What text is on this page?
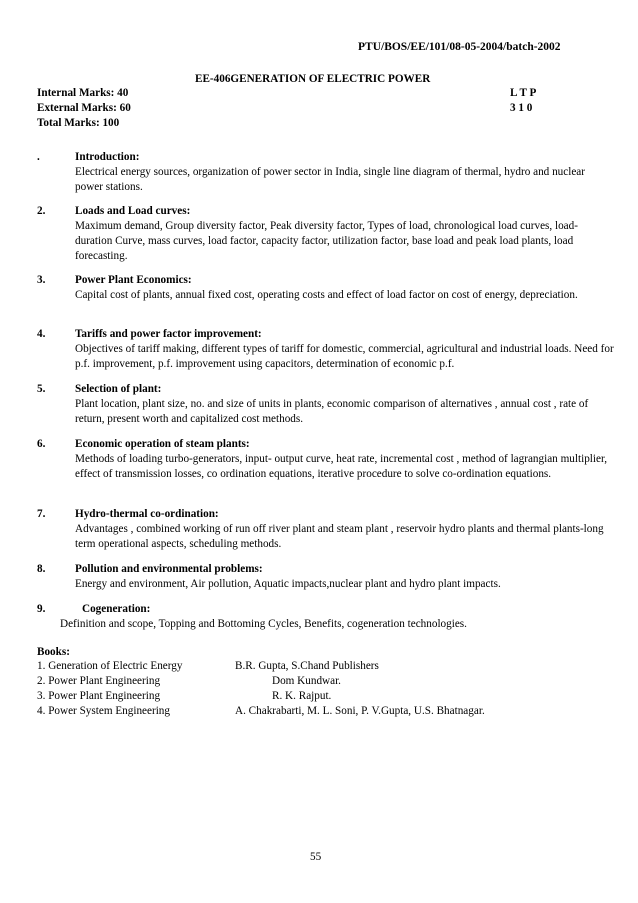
PTU/BOS/EE/101/08-05-2004/batch-2002
EE-406GENERATION OF ELECTRIC POWER
Internal Marks: 40
External Marks: 60
Total Marks: 100
L T P
3 1 0
.	Introduction:
Electrical energy sources, organization of power sector in India, single line diagram of thermal, hydro and nuclear power stations.
2.	Loads and Load curves:
Maximum demand, Group diversity factor, Peak diversity factor, Types of load, chronological load curves, load-duration Curve, mass curves, load factor, capacity factor, utilization factor, base load and peak load plants, load forecasting.
3.	Power Plant Economics:
Capital cost of plants, annual fixed cost, operating costs and effect of load factor on cost of energy, depreciation.
4.	Tariffs and power factor improvement:
Objectives of tariff making, different types of tariff for domestic, commercial, agricultural and industrial loads. Need for p.f. improvement, p.f. improvement using capacitors, determination of economic p.f.
5.	Selection of plant:
Plant location, plant size, no. and size of units in plants, economic comparison of alternatives , annual cost , rate of return, present worth and capitalized cost methods.
6.	Economic operation of steam plants:
Methods of loading turbo-generators, input- output curve, heat rate, incremental cost , method of lagrangian multiplier, effect of transmission losses, co ordination equations, iterative procedure to solve co-ordination equations.
7.	Hydro-thermal co-ordination:
Advantages , combined working of run off river plant and steam plant , reservoir hydro plants and thermal plants-long term operational aspects, scheduling methods.
8.	Pollution and environmental problems:
Energy and environment, Air pollution, Aquatic impacts,nuclear plant and hydro plant impacts.
9.	Cogeneration:
Definition and scope, Topping and Bottoming Cycles, Benefits, cogeneration technologies.
Books:
1. Generation of Electric Energy	B.R. Gupta, S.Chand Publishers
2. Power Plant Engineering	Dom Kundwar.
3. Power Plant Engineering	R. K. Rajput.
4. Power System Engineering	A. Chakrabarti, M. L. Soni, P. V.Gupta, U.S. Bhatnagar.
55
